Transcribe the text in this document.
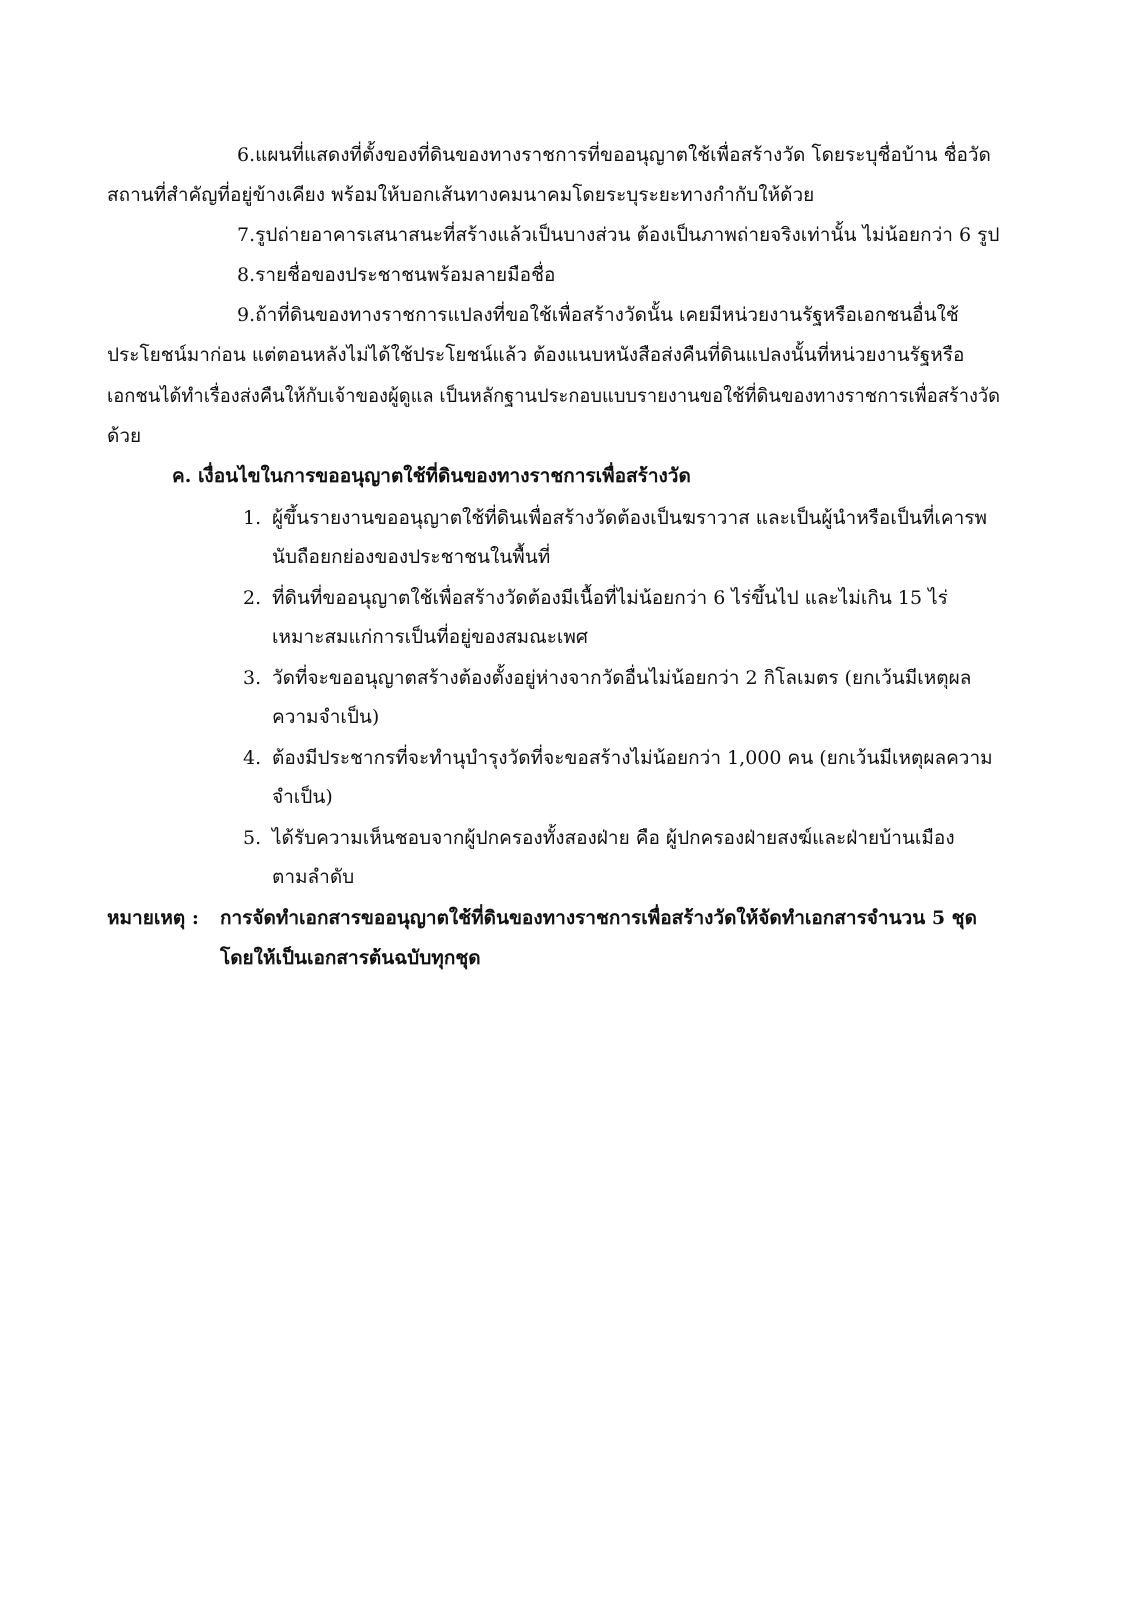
6.แผนที่แสดงที่ตั้งของที่ดินของทางราชการที่ขออนุญาตใช้เพื่อสร้างวัด โดยระบุชื่อบ้าน ชื่อวัด
สถานที่สำคัญที่อยู่ข้างเคียง พร้อมให้บอกเส้นทางคมนาคมโดยระบุระยะทางกำกับให้ด้วย
7.รูปถ่ายอาคารเสนาสนะที่สร้างแล้วเป็นบางส่วน ต้องเป็นภาพถ่ายจริงเท่านั้น ไม่น้อยกว่า 6 รูป
8.รายชื่อของประชาชนพร้อมลายมือชื่อ
9.ถ้าที่ดินของทางราชการแปลงที่ขอใช้เพื่อสร้างวัดนั้น เคยมีหน่วยงานรัฐหรือเอกชนอื่นใช้
ประโยชน์มาก่อน แต่ตอนหลังไม่ได้ใช้ประโยชน์แล้ว ต้องแนบหนังสือส่งคืนที่ดินแปลงนั้นที่หน่วยงานรัฐหรือ
เอกชนได้ทำเรื่องส่งคืนให้กับเจ้าของผู้ดูแล เป็นหลักฐานประกอบแบบรายงานขอใช้ที่ดินของทางราชการเพื่อสร้างวัด
ด้วย
ค. เงื่อนไขในการขออนุญาตใช้ที่ดินของทางราชการเพื่อสร้างวัด
1. ผู้ขึ้นรายงานขออนุญาตใช้ที่ดินเพื่อสร้างวัดต้องเป็นฆราวาส และเป็นผู้นำหรือเป็นที่เคารพ
นับถือยกย่องของประชาชนในพื้นที่
2. ที่ดินที่ขออนุญาตใช้เพื่อสร้างวัดต้องมีเนื้อที่ไม่น้อยกว่า 6 ไร่ขึ้นไป และไม่เกิน 15 ไร่
เหมาะสมแก่การเป็นที่อยู่ของสมณะเพศ
3. วัดที่จะขออนุญาตสร้างต้องตั้งอยู่ห่างจากวัดอื่นไม่น้อยกว่า 2 กิโลเมตร (ยกเว้นมีเหตุผล
ความจำเป็น)
4. ต้องมีประชากรที่จะทำนุบำรุงวัดที่จะขอสร้างไม่น้อยกว่า 1,000 คน (ยกเว้นมีเหตุผลความ
จำเป็น)
5. ได้รับความเห็นชอบจากผู้ปกครองทั้งสองฝ่าย คือ ผู้ปกครองฝ่ายสงฆ์และฝ่ายบ้านเมือง
ตามลำดับ
หมายเหตุ : การจัดทำเอกสารขออนุญาตใช้ที่ดินของทางราชการเพื่อสร้างวัดให้จัดทำเอกสารจำนวน 5 ชุด
โดยให้เป็นเอกสารต้นฉบับทุกชุด
